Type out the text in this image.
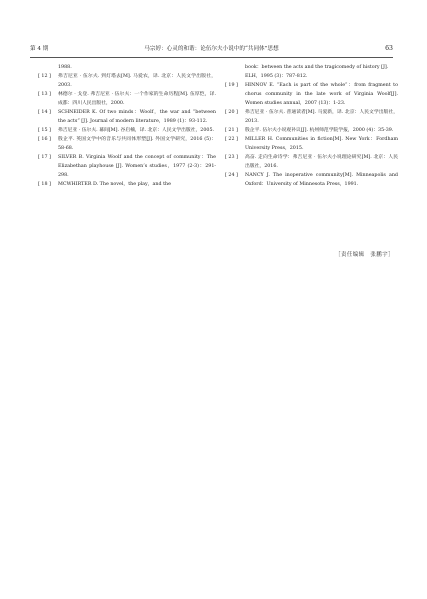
第 4 期	马宗婷：心灵的和谐：论伍尔夫小说中的“共同体”思想	63
1988.
[ 12 ]	弗吉尼亚 · 伍尔夫. 到灯塔去[M]. 马爱农，译. 北京：人民文学出版社，2003.
[ 13 ]	林德尔 · 戈登. 弗吉尼亚 · 伍尔夫：一个作家的生命历程[M]. 伍厚恺，译. 成都：四川人民出版社，2000.
[ 14 ]	SCHNEIDER K. Of two minds：Woolf，the war and “between the acts” [J]. Journal of modern literature，1989 (1)：93-112.
[ 15 ]	弗吉尼亚 · 伍尔夫. 幕间[M]. 谷启楠，译. 北京：人民文学出版社，2005.
[ 16 ]	殷企平. 英国文学中的音乐与共同体形塑[J]. 外国文学研究，2016 (5)：58-68.
[ 17 ]	SILVER B. Virginia Woolf and the concept of community：The Elizabethan playhouse [J]. Women’s studies，1977 (2-3)：291-298.
[ 18 ]	MCWHIRTER D. The novel，the play，and the
book：between the acts and the tragicomedy of history [J]. ELH，1995 (3)：787-812.
[ 19 ]	HINNOV E. “Each is part of the whole”：from fragment to chorus community in the late work of Virginia Woolf[J]. Women studies annual，2007 (13)：1-23.
[ 20 ]	弗吉尼亚 · 伍尔夫. 普通读者[M]. 马爱新，译. 北京：人民文学出版社，2013.
[ 21 ]	殷企平. 伍尔夫小说观补议[J]. 杭州师范学院学报，2000 (4)：35-39.
[ 22 ]	MILLER H. Communities in fiction[M]. New York：Fordham University Press，2015.
[ 23 ]	高奋. 走向生命诗学：弗吉尼亚 · 伍尔夫小说理论研究[M]. 北京：人民出版社，2016.
[ 24 ]	NANCY J. The inoperative community[M]. Minneapolis and Oxford：University of Minnesota Press，1991.
［责任编辑　张鹏宇］
